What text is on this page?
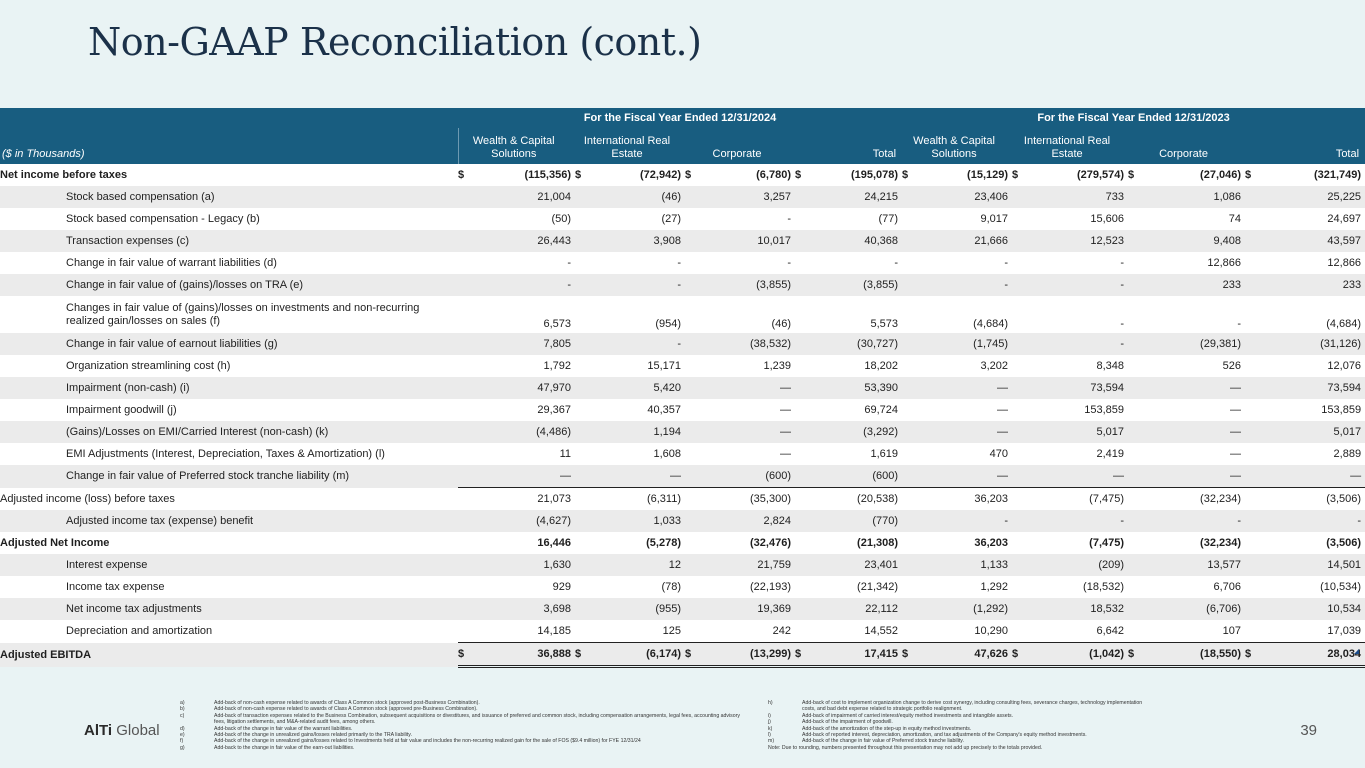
Non-GAAP Reconciliation (cont.)
	For the Fiscal Year Ended 12/31/2024				For the Fiscal Year Ended 12/31/2023			
($ in Thousands)	Wealth & Capital Solutions	International Real Estate	Corporate	Total	Wealth & Capital Solutions	International Real Estate	Corporate	Total
Net income before taxes	$ (115,356)	$ (72,942)	$ (6,780)	$ (195,078)	$ (15,129)	$ (279,574)	$ (27,046)	$ (321,749)
Stock based compensation (a)	21,004	(46)	3,257	24,215	23,406	733	1,086	25,225
Stock based compensation - Legacy (b)	(50)	(27)	-	(77)	9,017	15,606	74	24,697
Transaction expenses (c)	26,443	3,908	10,017	40,368	21,666	12,523	9,408	43,597
Change in fair value of warrant liabilities (d)	-	-	-	-	-	-	12,866	12,866
Change in fair value of (gains)/losses on TRA (e)	-	-	(3,855)	(3,855)	-	-	233	233
Changes in fair value of (gains)/losses on investments and non-recurring realized gain/losses on sales (f)	6,573	(954)	(46)	5,573	(4,684)	-	-	(4,684)
Change in fair value of earnout liabilities (g)	7,805	-	(38,532)	(30,727)	(1,745)	-	(29,381)	(31,126)
Organization streamlining cost (h)	1,792	15,171	1,239	18,202	3,202	8,348	526	12,076
Impairment (non-cash) (i)	47,970	5,420	—	53,390	—	73,594	—	73,594
Impairment goodwill (j)	29,367	40,357	—	69,724	—	153,859	—	153,859
(Gains)/Losses on EMI/Carried Interest (non-cash) (k)	(4,486)	1,194	—	(3,292)	—	5,017	—	5,017
EMI Adjustments (Interest, Depreciation, Taxes & Amortization) (l)	11	1,608	—	1,619	470	2,419	—	2,889
Change in fair value of Preferred stock tranche liability (m)	—	—	(600)	(600)	—	—	—	—
Adjusted income (loss) before taxes	21,073	(6,311)	(35,300)	(20,538)	36,203	(7,475)	(32,234)	(3,506)
Adjusted income tax (expense) benefit	(4,627)	1,033	2,824	(770)	-	-	-	-
Adjusted Net Income	16,446	(5,278)	(32,476)	(21,308)	36,203	(7,475)	(32,234)	(3,506)
Interest expense	1,630	12	21,759	23,401	1,133	(209)	13,577	14,501
Income tax expense	929	(78)	(22,193)	(21,342)	1,292	(18,532)	6,706	(10,534)
Net income tax adjustments	3,698	(955)	19,369	22,112	(1,292)	18,532	(6,706)	10,534
Depreciation and amortization	14,185	125	242	14,552	10,290	6,642	107	17,039
Adjusted EBITDA	$ 36,888	$ (6,174)	$ (13,299)	$ 17,415	$ 47,626	$ (1,042)	$ (18,550)	$ 28,034
a)	Add-back of non-cash expense related to awards of Class A Common stock (approved post-Business Combination).
b)	Add-back of non-cash expense related to awards of Class A Common stock (approved pre-Business Combination).
c)	Add-back of transaction expenses related to the Business Combination, subsequent acquisitions or divestitures, and issuance of preferred and common stock, including compensation arrangements, legal fees, accounting advisory fees, litigation settlements, and M&A-related audit fees, among others.
d)	Add-back of the change in fair value of the warrant liabilities.
e)	Add-back of the change in unrealized gains/losses related primarily to the TRA liability.
f)	Add-back of the change in unrealized gains/losses related to Investments held at fair value and includes the non-recurring realized gain for the sale of FOS ($9.4 million) for FYE 12/31/24
g)	Add-back to the change in fair value of the earn-out liabilities.
h)	Add-back of cost to implement organization change to derive cost synergy, including consulting fees, severance charges, technology implementation costs, and bad debt expense related to strategic portfolio realignment.
i)	Add-back of impairment of carried interest/equity method investments and intangible assets.
j)	Add-back of the impairment of goodwill.
k)	Add-back of the amortization of the step-up in equity method investments.
l)	Add-back of reported interest, depreciation, amortization, and tax adjustments of the Company's equity method investments.
m)	Add-back of the change in fair value of Preferred stock tranche liability.
Note: Due to rounding, numbers presented throughout this presentation may not add up precisely to the totals provided.
AlTi Global	39
